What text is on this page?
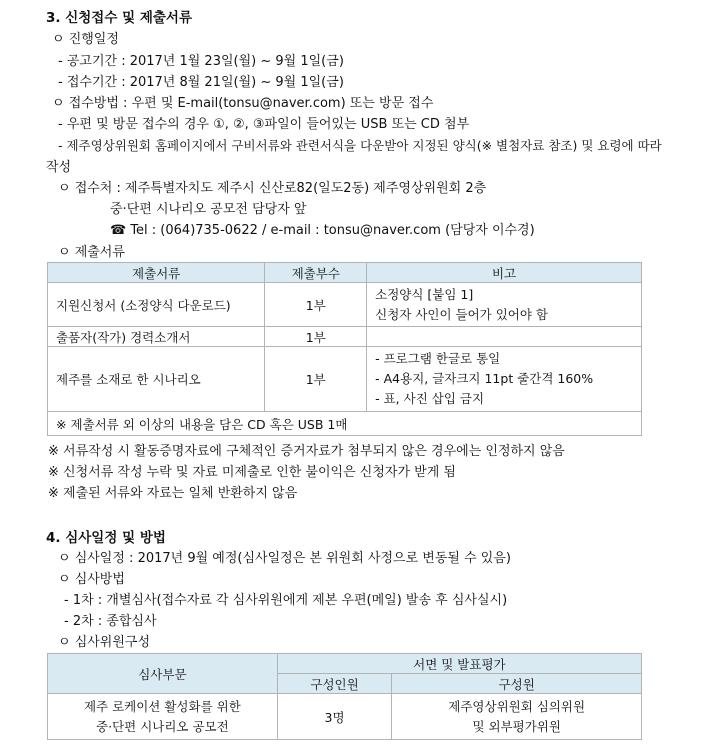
3. 신청접수 및 제출서류
ㅇ 진행일정
- 공고기간 : 2017년 1월 23일(월) ~ 9월 1일(금)
- 접수기간 : 2017년 8월 21일(월) ~ 9월 1일(금)
ㅇ 접수방법 : 우편 및 E-mail(tonsu@naver.com) 또는 방문 접수
- 우편 및 방문 접수의 경우 ①, ②, ③파일이 들어있는 USB 또는 CD 첨부
- 제주영상위원회 홈페이지에서 구비서류와 관련서식을 다운받아 지정된 양식(※ 별첨자료 참조) 및 요령에 따라
작성
ㅇ 접수처 : 제주특별자치도 제주시 신산로82(일도2동) 제주영상위원회 2층
중·단편 시나리오 공모전 담당자 앞
☎ Tel : (064)735-0622 / e-mail : tonsu@naver.com (담당자 이수경)
ㅇ 제출서류
제출서류	제출부수	비고
지원신청서 (소정양식 다운로드)	1부	소정양식 [붙임 1]
신청자 사인이 들어가 있어야 함

출품자(작가) 경력소개서	1부	
제주를 소재로 한 시나리오	1부	- 프로그램 한글로 통일
- A4용지, 글자크지 11pt 줄간격 160%
- 표, 사진 삽입 금지

※ 제출서류 외 이상의 내용을 담은 CD 혹은 USB 1매		
※ 서류작성 시 활동증명자료에 구체적인 증거자료가 첨부되지 않은 경우에는 인정하지 않음
※ 신청서류 작성 누락 및 자료 미제출로 인한 불이익은 신청자가 받게 됨
※ 제출된 서류와 자료는 일체 반환하지 않음
4. 심사일정 및 방법
ㅇ 심사일정 : 2017년 9월 예정(심사일정은 본 위원회 사정으로 변동될 수 있음)
ㅇ 심사방법
- 1차 : 개별심사(접수자료 각 심사위원에게 제본 우편(메일) 발송 후 심사실시)
- 2차 : 종합심사
ㅇ 심사위원구성
심사부문	서면 및 발표평가	
	구성인원	구성원

제주 로케이션 활성화를 위한
중·단편 시나리오 공모전	3명	제주영상위원회 심의위원
및 외부평가위원
